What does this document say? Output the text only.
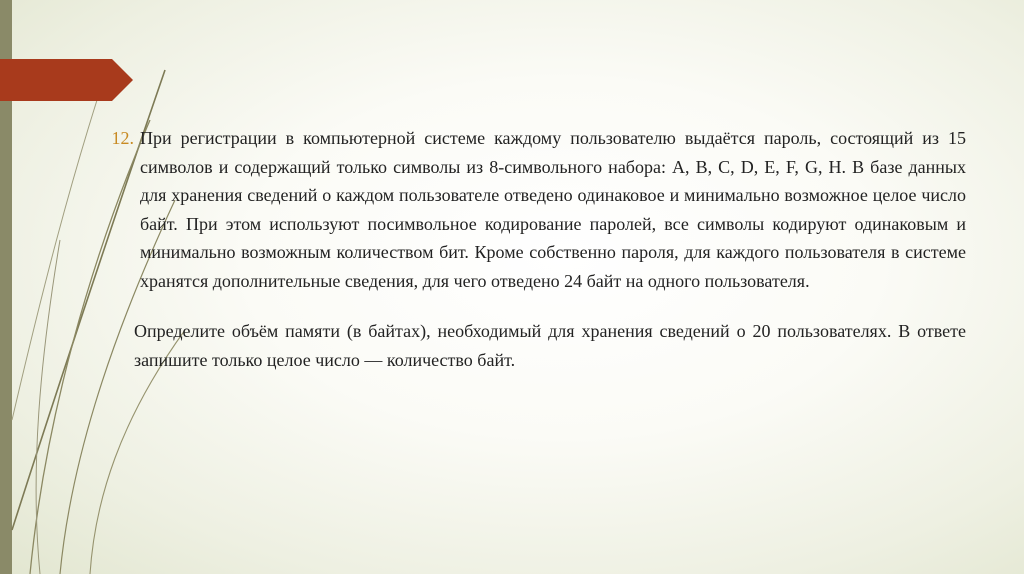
12. При регистрации в компьютерной системе каждому пользователю выдаётся пароль, состоящий из 15 символов и содержащий только символы из 8-символьного набора: A, B, C, D, E, F, G, H. В базе данных для хранения сведений о каждом пользователе отведено одинаковое и минимально возможное целое число байт. При этом используют посимвольное кодирование паролей, все символы кодируют одинаковым и минимально возможным количеством бит. Кроме собственно пароля, для каждого пользователя в системе хранятся дополнительные сведения, для чего отведено 24 байт на одного пользователя.

Определите объём памяти (в байтах), необходимый для хранения сведений о 20 пользователях. В ответе запишите только целое число — количество байт.
